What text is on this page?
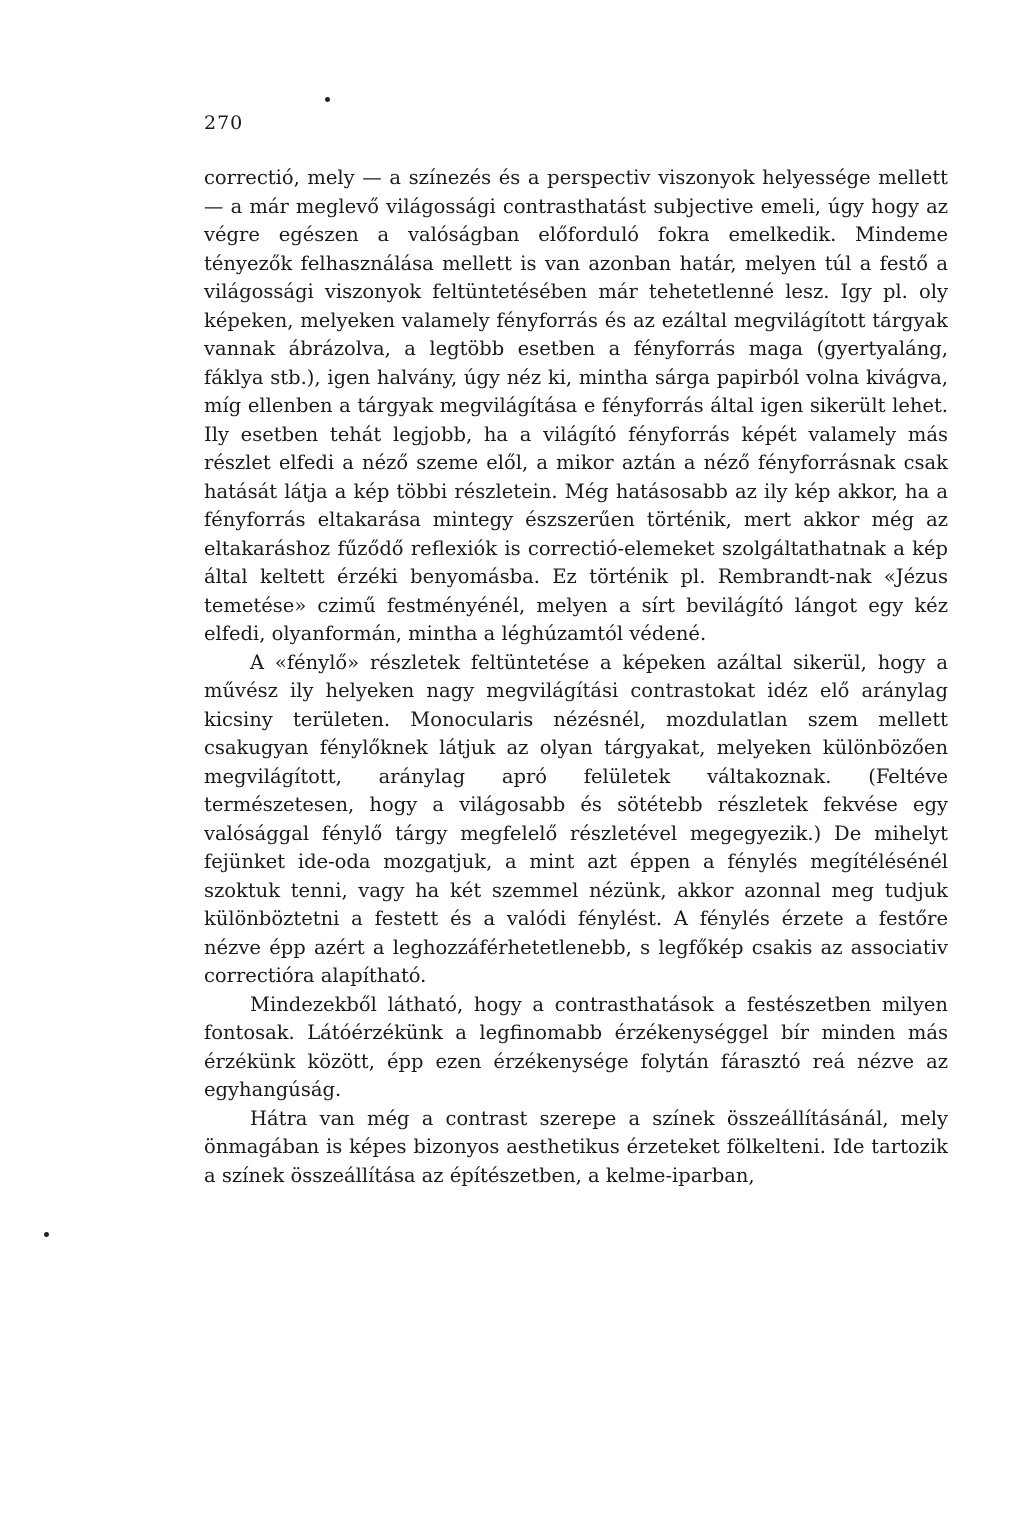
270

correctió, mely — a színezés és a perspectiv viszonyok helyessége mellett — a már meglevő világossági contrasthatást subjective emeli, úgy hogy az végre egészen a valóságban előforduló fokra emelkedik. Mindeme tényezők felhasználása mellett is van azonban határ, melyen túl a festő a világossági viszonyok feltüntetésében már tehetetlenné lesz. Igy pl. oly képeken, melyeken valamely fényforrás és az ezáltal megvilágított tárgyak vannak ábrázolva, a legtöbb esetben a fényforrás maga (gyertyaláng, fáklya stb.), igen halvány, úgy néz ki, mintha sárga papirból volna kivágva, míg ellenben a tárgyak megvilágítása e fényforrás által igen sikerült lehet. Ily esetben tehát legjobb, ha a világító fényforrás képét valamely más részlet elfedi a néző szeme elől, a mikor aztán a néző fényforrásnak csak hatását látja a kép többi részletein. Még hatásosabb az ily kép akkor, ha a fényforrás eltakarása mintegy észszerűen történik, mert akkor még az eltakaráshoz fűződő reflexiók is correctió-elemeket szolgáltathatnak a kép által keltett érzéki benyomásba. Ez történik pl. Rembrandt-nak «Jézus temetése» czimű festményénél, melyen a sírt bevilágító lángot egy kéz elfedi, olyanformán, mintha a léghúzamtól védené.

A «fénylő» részletek feltüntetése a képeken azáltal sikerül, hogy a művész ily helyeken nagy megvilágítási contrastokat idéz elő aránylag kicsiny területen. Monocularis nézésnél, mozdulatlan szem mellett csakugyan fénylőknek látjuk az olyan tárgyakat, melyeken különbözően megvilágított, aránylag apró felületek váltakoznak. (Feltéve természetesen, hogy a világosabb és sötétebb részletek fekvése egy valósággal fénylő tárgy megfelelő részletével megegyezik.) De mihelyt fejünket ide-oda mozgatjuk, a mint azt éppen a fénylés megítélésénél szoktuk tenni, vagy ha két szemmel nézünk, akkor azonnal meg tudjuk különböztetni a festett és a valódi fénylést. A fénylés érzete a festőre nézve épp azért a leghozzáférhetetlenebb, s legfőkép csakis az associativ correctióra alapítható.

Mindezekből látható, hogy a contrasthatások a festészetben milyen fontosak. Látóérzékünk a legfinomabb érzékenységgel bír minden más érzékünk között, épp ezen érzékenysége folytán fárasztó reá nézve az egyhangúság.

Hátra van még a contrast szerepe a színek összeállításánál, mely önmagában is képes bizonyos aesthetikus érzeteket fölkelteni. Ide tartozik a színek összeállítása az építészetben, a kelme-iparban,
